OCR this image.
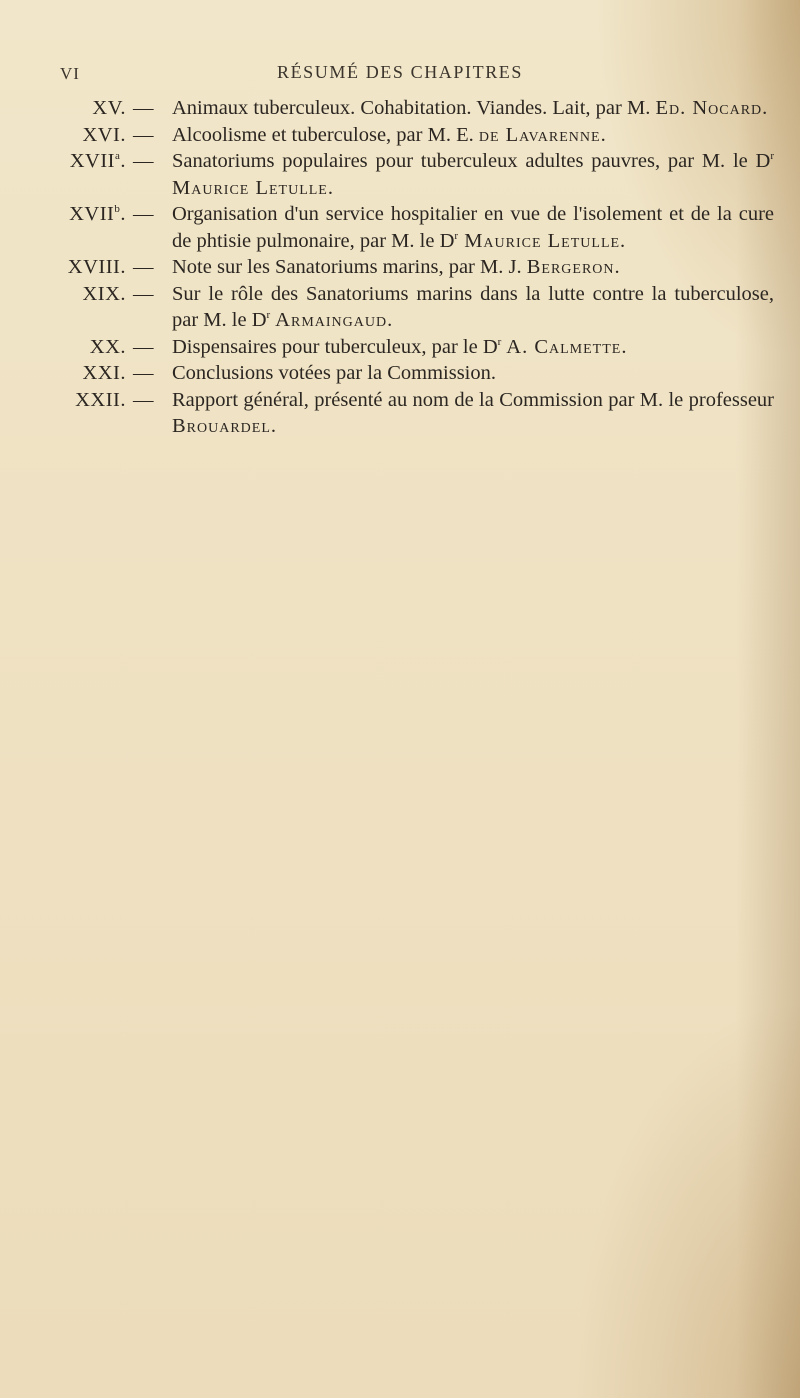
VI	RÉSUMÉ DES CHAPITRES
XV. — Animaux tuberculeux. Cohabitation. Viandes. Lait, par M. Ed. Nocard.
XVI. — Alcoolisme et tuberculose, par M. E. de Lavarenne.
XVII$^a$. — Sanatoriums populaires pour tuberculeux adultes pauvres, par M. le $D^r$ Maurice Letulle.
XVII$^b$. — Organisation d'un service hospitalier en vue de l'isolement et de la cure de phtisie pulmonaire, par M. le $D^r$ Maurice Letulle.
XVIII. — Note sur les Sanatoriums marins, par M. J. Bergeron.
XIX. — Sur le rôle des Sanatoriums marins dans la lutte contre la tuberculose, par M. le $D^r$ Armaingaud.
XX. — Dispensaires pour tuberculeux, par le $D^r$ A. Calmette.
XXI. — Conclusions votées par la Commission.
XXII. — Rapport général, présenté au nom de la Commission par M. le professeur Brouardel.
